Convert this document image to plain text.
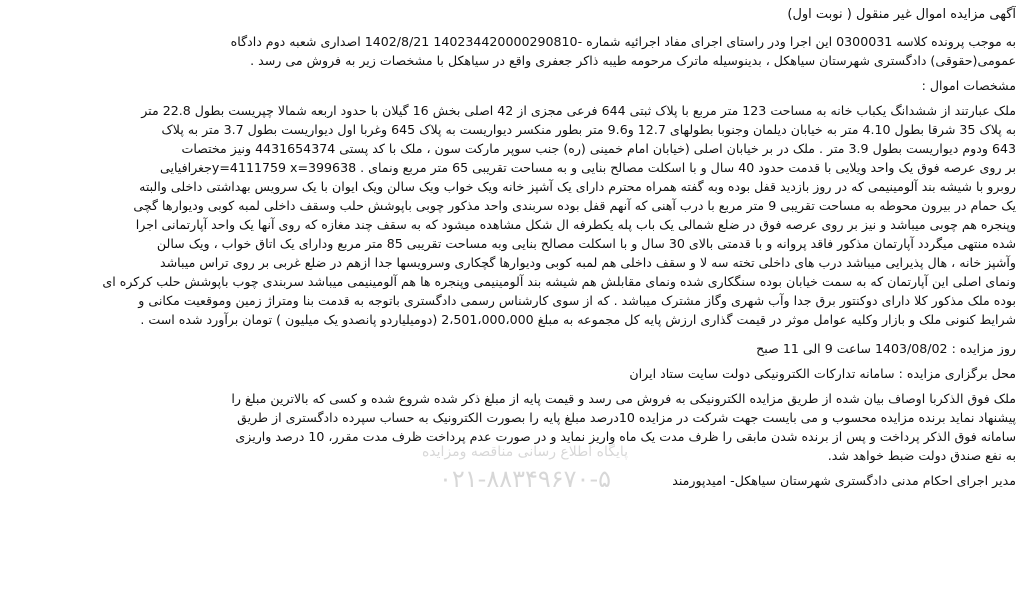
آگهی مزایده اموال غیر منقول ( نوبت اول)
به موجب پرونده کلاسه 0300031 این اجرا ودر راستای اجرای مفاد اجرائیه شماره -140234420000290810 1402/8/21 اصداری شعبه دوم دادگاه
عمومی(حقوقی) دادگستری شهرستان سیاهکل ، بدینوسیله ماترک مرحومه طیبه ذاکر جعفری واقع در سیاهکل با مشخصات زیر به فروش می رسد .
مشخصات اموال :
ملک عبارتند از ششدانگ یکباب خانه به مساحت 123 متر مربع با پلاک ثبتی 644 فرعی مجزی از 42 اصلی بخش 16 گیلان با حدود اربعه شمالا چپریست بطول 22.8 متر
به پلاک 35 شرقا بطول 4.10 متر به خیابان دیلمان وجنوبا بطولهای 12.7 و9.6 متر بطور منکسر دیواریست به پلاک 645 وغربا اول دیواریست بطول 3.7 متر به پلاک
643 ودوم دیواریست بطول 3.9 متر . ملک در بر خیابان اصلی (خیابان امام خمینی (ره) جنب سوپر مارکت سون ، ملک با کد پستی 4431654374 ونیز مختصات
بر روی عرصه فوق یک واحد ویلایی با قدمت حدود 40 سال و با اسکلت مصالح بنایی و به مساحت تقریبی 65 متر مربع ونمای . y=4111759 x=399638جغرافیایی
روبرو با شیشه بند آلومینیمی که در روز بازدید قفل بوده وبه گفته همراه محترم دارای یک آشپز خانه ویک خواب ویک سالن ویک ایوان با یک سرویس بهداشتی داخلی والبته
یک حمام در بیرون محوطه به مساحت تقریبی 9 متر مربع با درب آهنی که آنهم قفل بوده سربندی واحد مذکور چوبی باپوشش حلب وسقف داخلی لمبه کوبی ودیوارها گچی
وپنجره هم چوبی میباشد و نیز بر روی عرصه فوق در ضلع شمالی یک باب پله یکطرفه ال شکل مشاهده میشود که به سقف چند مغازه که روی آنها یک واحد آپارتمانی اجرا
شده منتهی میگردد آپارتمان مذکور فاقد پروانه و با قدمتی بالای 30 سال و با اسکلت مصالح بنایی وبه مساحت تقریبی 85 متر مربع ودارای یک اتاق خواب ، ویک سالن
وآشپز خانه ، هال پذیرایی میباشد درب های داخلی تخته سه لا و سقف داخلی هم لمبه کوبی ودیوارها گچکاری وسرویسها جدا ازهم در ضلع غربی بر روی تراس میباشد
ونمای اصلی این آپارتمان که به سمت خیابان بوده سنگکاری شده ونمای مقابلش هم شیشه بند آلومینیمی وپنجره ها هم آلومینیمی میباشد سربندی چوب باپوشش حلب کرکره ای
بوده ملک مذکور کلا دارای دوکنتور برق جدا وآب شهری وگاز مشترک میباشد . که از سوی کارشناس رسمی دادگستری باتوجه به قدمت بنا ومتراژ زمین وموقعیت مکانی و
شرایط کنونی ملک و بازار وکلیه عوامل موثر در قیمت گذاری ارزش پایه کل مجموعه به مبلغ 2،501،000،000 (دومیلیاردو پانصدو یک میلیون ) تومان برآورد شده است .
روز مزایده : 1403/08/02 ساعت 9 الی 11 صبح
محل برگزاری مزایده : سامانه تدارکات الکترونیکی دولت سایت ستاد ایران
ملک فوق الذکربا اوصاف بیان شده از طریق مزایده الکترونیکی به فروش می رسد و قیمت پایه از مبلغ ذکر شده شروع شده و کسی که بالاترین مبلغ را
پیشنهاد نماید برنده مزایده محسوب و می بایست جهت شرکت در مزایده 10درصد مبلغ پایه را بصورت الکترونیک به حساب سپرده دادگستری از طریق
سامانه فوق الذکر پرداخت و پس از برنده شدن مابقی را ظرف مدت یک ماه واریز نماید و در صورت عدم پرداخت ظرف مدت مقرر، 10 درصد واریزی
به نفع صندق دولت ضبط خواهد شد.
مدیر اجرای احکام مدنی دادگستری شهرستان سیاهکل- امیدپورمند
پایگاه اطلاع رسانی مناقصه ومزایده
۰۲۱-۸۸۳۴۹۶۷۰-۵
